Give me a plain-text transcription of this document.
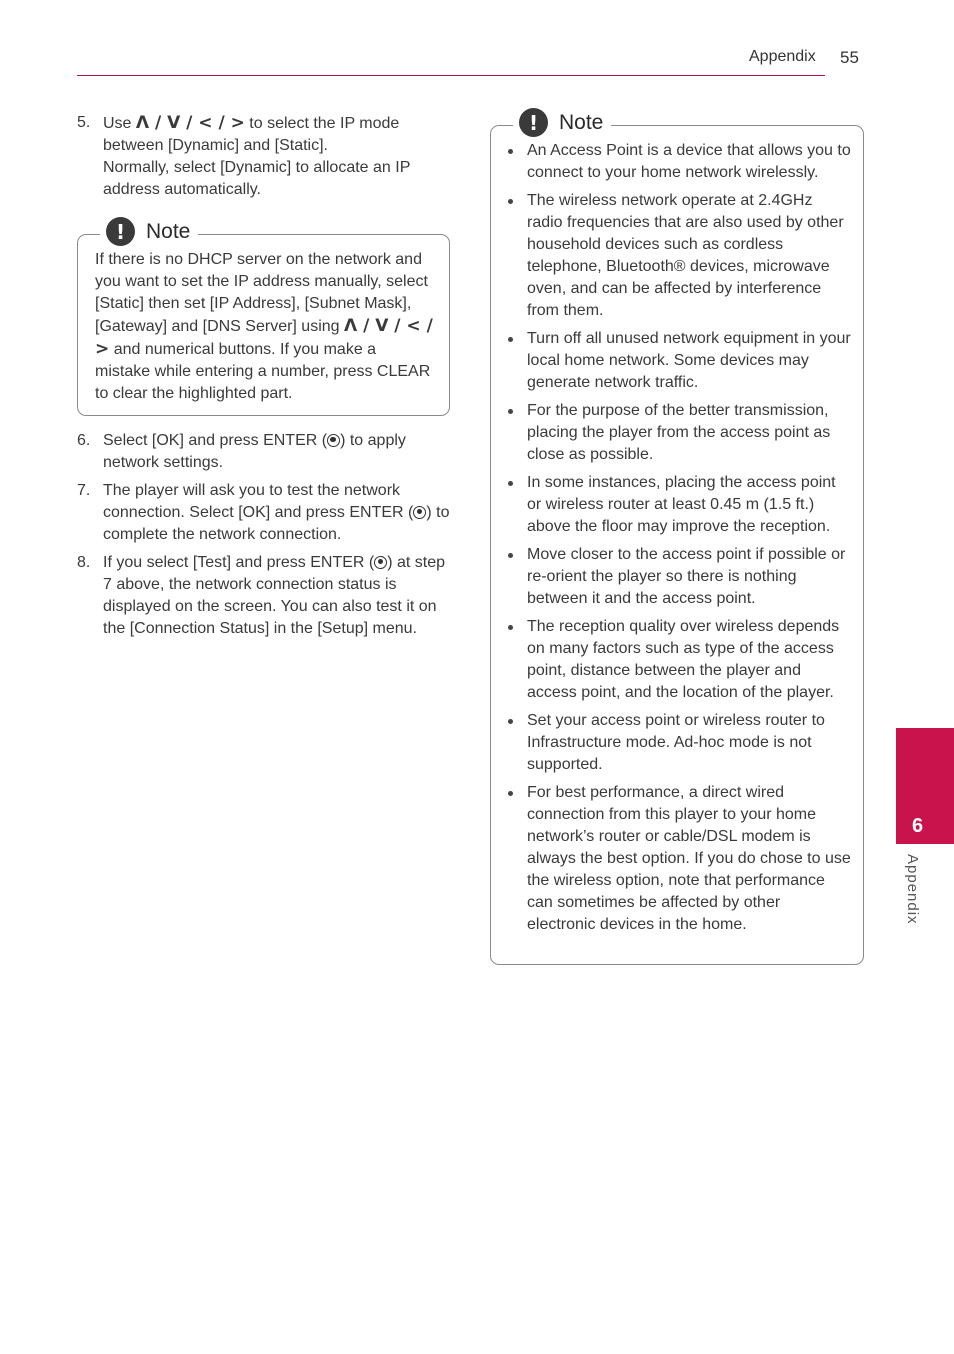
Appendix 55
5. Use Λ / V / < / > to select the IP mode between [Dynamic] and [Static].
Normally, select [Dynamic] to allocate an IP address automatically.
! Note

If there is no DHCP server on the network and you want to set the IP address manually, select [Static] then set [IP Address], [Subnet Mask], [Gateway] and [DNS Server] using Λ / V / < / > and numerical buttons. If you make a mistake while entering a number, press CLEAR to clear the highlighted part.

6. Select [OK] and press ENTER ( ) to apply network settings.
7. The player will ask you to test the network connection. Select [OK] and press ENTER ( ) to complete the network connection.
8. If you select [Test] and press ENTER ( ) at step 7 above, the network connection status is displayed on the screen. You can also test it on the [Connection Status] in the [Setup] menu.
! Note
An Access Point is a device that allows you to connect to your home network wirelessly.
The wireless network operate at 2.4GHz radio frequencies that are also used by other household devices such as cordless telephone, Bluetooth® devices, microwave oven, and can be affected by interference from them.
Turn off all unused network equipment in your local home network. Some devices may generate network traffic.
For the purpose of the better transmission, placing the player from the access point as close as possible.
In some instances, placing the access point or wireless router at least 0.45 m (1.5 ft.) above the floor may improve the reception.
Move closer to the access point if possible or re-orient the player so there is nothing between it and the access point.
The reception quality over wireless depends on many factors such as type of the access point, distance between the player and access point, and the location of the player.
Set your access point or wireless router to Infrastructure mode. Ad-hoc mode is not supported.
For best performance, a direct wired connection from this player to your home network’s router or cable/DSL modem is always the best option. If you do chose to use the wireless option, note that performance can sometimes be affected by other electronic devices in the home.
6
Appendix
